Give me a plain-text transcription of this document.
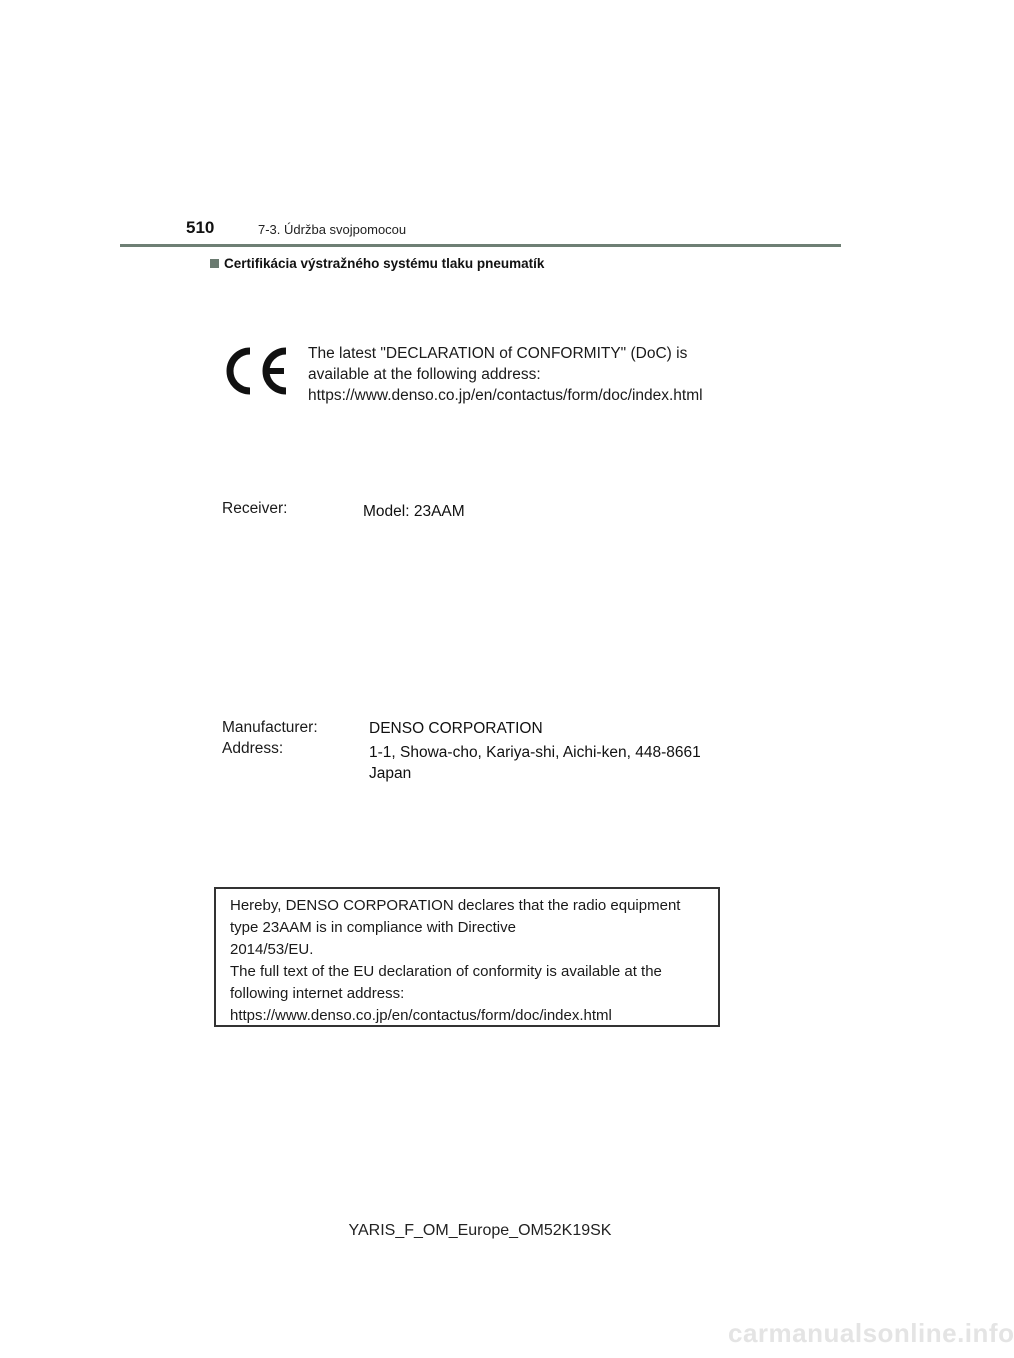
510	7-3. Údržba svojpomocou
Certifikácia výstražného systému tlaku pneumatík
The latest "DECLARATION of CONFORMITY" (DoC) is
available at the following address:
https://www.denso.co.jp/en/contactus/form/doc/index.html
Receiver:	Model: 23AAM
Manufacturer:
Address:
DENSO CORPORATION
1-1, Showa-cho, Kariya-shi, Aichi-ken, 448-8661
Japan
Hereby, DENSO CORPORATION declares that the radio equipment
type 23AAM is in compliance with Directive
2014/53/EU.
The full text of the EU declaration of conformity is available at the
following internet address:
https://www.denso.co.jp/en/contactus/form/doc/index.html
YARIS_F_OM_Europe_OM52K19SK
carmanualsonline.info
